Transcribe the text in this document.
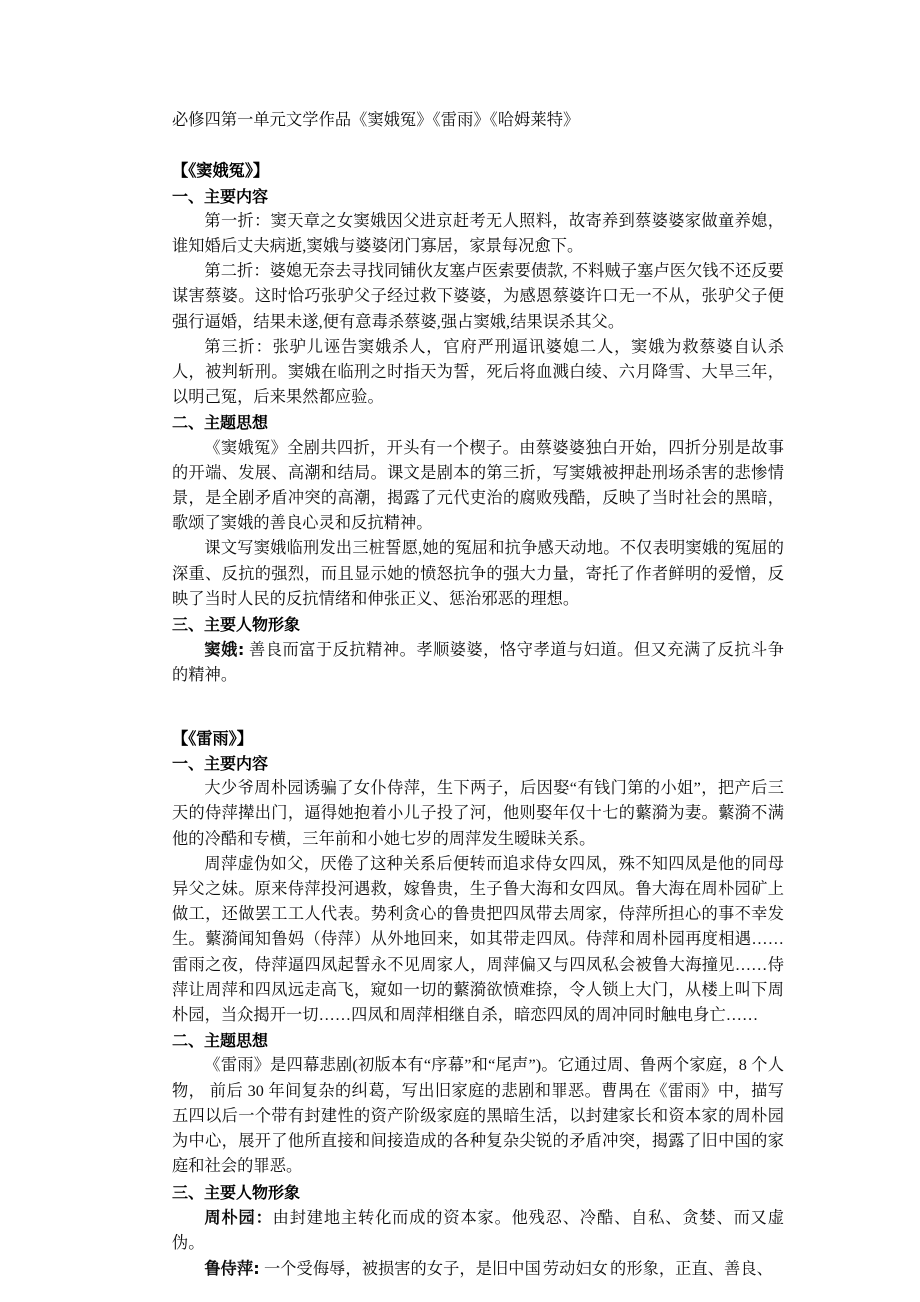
必修四第一单元文学作品《窦娥冤》《雷雨》《哈姆莱特》

【《窦娥冤》】

一、主要内容

第一折：窦天章之女窦娥因父进京赶考无人照料，故寄养到蔡婆婆家做童养媳，谁知婚后丈夫病逝,窦娥与婆婆闭门寡居，家景每况愈下。

第二折：婆媳无奈去寻找同铺伙友塞卢医索要债款, 不料贼子塞卢医欠钱不还反要谋害蔡婆。这时恰巧张驴父子经过救下婆婆，为感恩蔡婆许口无一不从，张驴父子便强行逼婚，结果未遂,便有意毒杀蔡婆,强占窦娥,结果误杀其父。

第三折：张驴儿诬告窦娥杀人，官府严刑逼讯婆媳二人，窦娥为救蔡婆自认杀人，被判斩刑。窦娥在临刑之时指天为誓，死后将血溅白绫、六月降雪、大旱三年，以明己冤，后来果然都应验。

二、主题思想

《窦娥冤》全剧共四折，开头有一个楔子。由蔡婆婆独白开始，四折分别是故事的开端、发展、高潮和结局。课文是剧本的第三折，写窦娥被押赴刑场杀害的悲惨情景，是全剧矛盾冲突的高潮，揭露了元代吏治的腐败残酷，反映了当时社会的黑暗，歌颂了窦娥的善良心灵和反抗精神。

课文写窦娥临刑发出三桩誓愿,她的冤屈和抗争感天动地。不仅表明窦娥的冤屈的深重、反抗的强烈，而且显示她的愤怒抗争的强大力量，寄托了作者鲜明的爱憎，反映了当时人民的反抗情绪和伸张正义、惩治邪恶的理想。

三、主要人物形象

窦娥: 善良而富于反抗精神。孝顺婆婆，恪守孝道与妇道。但又充满了反抗斗争的精神。

【《雷雨》】

一、主要内容

大少爷周朴园诱骗了女仆侍萍，生下两子，后因娶“有钱门第的小姐”，把产后三天的侍萍撵出门，逼得她抱着小儿子投了河，他则娶年仅十七的蘩漪为妻。蘩漪不满他的冷酷和专横，三年前和小她七岁的周萍发生暧昧关系。

周萍虚伪如父，厌倦了这种关系后便转而追求侍女四凤，殊不知四凤是他的同母异父之妹。原来侍萍投河遇救，嫁鲁贵，生子鲁大海和女四凤。鲁大海在周朴园矿上做工，还做罢工工人代表。势利贪心的鲁贵把四凤带去周家，侍萍所担心的事不幸发生。蘩漪闻知鲁妈（侍萍）从外地回来，如其带走四凤。侍萍和周朴园再度相遇……雷雨之夜，侍萍逼四凤起誓永不见周家人，周萍偏又与四凤私会被鲁大海撞见……侍萍让周萍和四凤远走高飞，窥如一切的蘩漪欲愤难捺，令人锁上大门，从楼上叫下周朴园，当众揭开一切……四凤和周萍相继自杀，暗恋四凤的周冲同时触电身亡……

二、主题思想

《雷雨》是四幕悲剧(初版本有“序幕”和“尾声”)。它通过周、鲁两个家庭，8 个人物， 前后 30 年间复杂的纠葛，写出旧家庭的悲剧和罪恶。曹禺在《雷雨》中，描写五四以后一个带有封建性的资产阶级家庭的黑暗生活，以封建家长和资本家的周朴园为中心，展开了他所直接和间接造成的各种复杂尖锐的矛盾冲突，揭露了旧中国的家庭和社会的罪恶。

三、主要人物形象

周朴园：由封建地主转化而成的资本家。他残忍、冷酷、自私、贪婪、而又虚伪。

鲁侍萍: 一个受侮辱，被损害的女子，是旧中国 劳动妇女 的形象，正直、善良、
